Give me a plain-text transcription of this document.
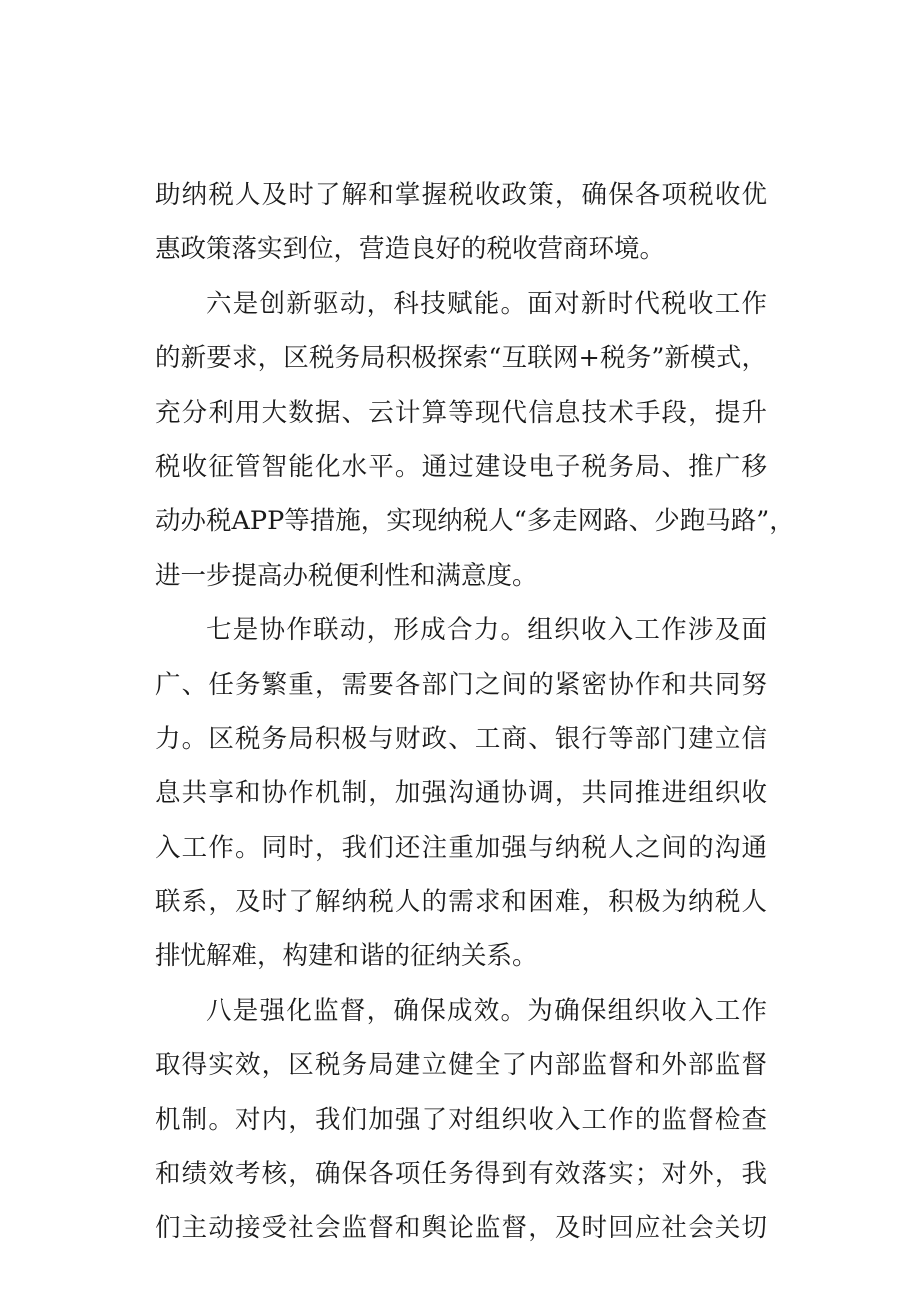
助纳税人及时了解和掌握税收政策，确保各项税收优
惠政策落实到位，营造良好的税收营商环境。
六是创新驱动，科技赋能。面对新时代税收工作
的新要求，区税务局积极探索“互联网+税务”新模式，
充分利用大数据、云计算等现代信息技术手段，提升
税收征管智能化水平。通过建设电子税务局、推广移
动办税APP等措施，实现纳税人“多走网路、少跑马路”，
进一步提高办税便利性和满意度。
七是协作联动，形成合力。组织收入工作涉及面
广、任务繁重，需要各部门之间的紧密协作和共同努
力。区税务局积极与财政、工商、银行等部门建立信
息共享和协作机制，加强沟通协调，共同推进组织收
入工作。同时，我们还注重加强与纳税人之间的沟通
联系，及时了解纳税人的需求和困难，积极为纳税人
排忧解难，构建和谐的征纳关系。
八是强化监督，确保成效。为确保组织收入工作
取得实效，区税务局建立健全了内部监督和外部监督
机制。对内，我们加强了对组织收入工作的监督检查
和绩效考核，确保各项任务得到有效落实；对外，我
们主动接受社会监督和舆论监督，及时回应社会关切
